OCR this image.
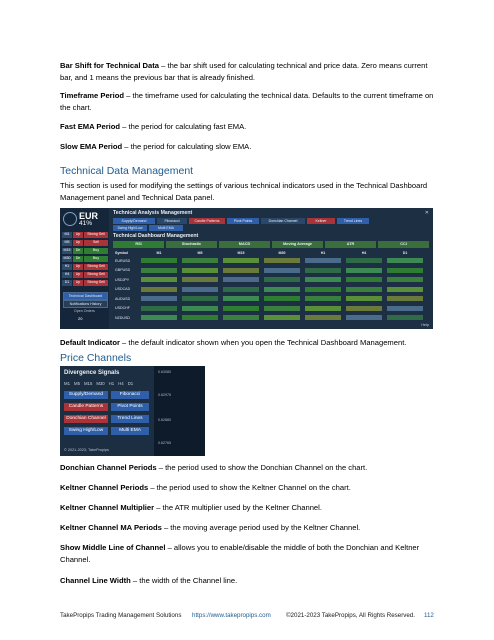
Bar Shift for Technical Data – the bar shift used for calculating technical and price data. Zero means current bar, and 1 means the previous bar that is already finished.

Timeframe Period – the timeframe used for calculating the technical data. Defaults to the current timeframe on the chart.

Fast EMA Period – the period for calculating fast EMA.

Slow EMA Period – the period for calculating slow EMA.

Technical Data Management

This section is used for modifying the settings of various technical indicators used in the Technical Dashboard Management panel and Technical Data panel.

EUR
41%
M1	Up	Strong Sell
M5	Up	Sell
M15	Dn	Buy
M30	Dn	Buy
H1	Up	Strong Sell
H4	Up	Strong Sell
D1	Up	Strong Sell
Technical Dashboard
Notifications History
Open Orders
20
Technical Analysis Management	✕
Supply/Demand	Fibonacci	Candle Patterns	Pivot Points	Donchian Channel	Keltner	Trend Lines
Swing High/Low	Multi EMA
Technical Dashboard Management
RSI	Stochastic	MACD	Moving Average	ATR	CCI
Symbol	M1	M5	M15	M30	H1	H4	D1
EURUSD
GBPUSD
USDJPY
USDCAD
AUDUSD
USDCHF
NZDUSD
Help

Default Indicator – the default indicator shown when you open the Technical Dashboard Management.

Price Channels
Divergence Signals
M1 M5 M15 M30 H1 H4 D1
Supply/Demand	Fibonacci
Candle Patterns	Pivot Points
Donchian Channel	Trend Lines
Swing High/Low	Multi EMA
© 2021-2023, TakePropips
0.63080
0.62975
0.62880
0.62765

Donchian Channel Periods – the period used to show the Donchian Channel on the chart.

Keltner Channel Periods – the period used to show the Keltner Channel on the chart.

Keltner Channel Multiplier – the ATR multiplier used by the Keltner Channel.

Keltner Channel MA Periods – the moving average period used by the Keltner Channel.

Show Middle Line of Channel – allows you to enable/disable the middle of both the Donchian and Keltner Channel.

Channel Line Width – the width of the Channel line.

TakePropips Trading Management Solutions https://www.takepropips.com ©2021-2023 TakePropips, All Rights Reserved. 112
